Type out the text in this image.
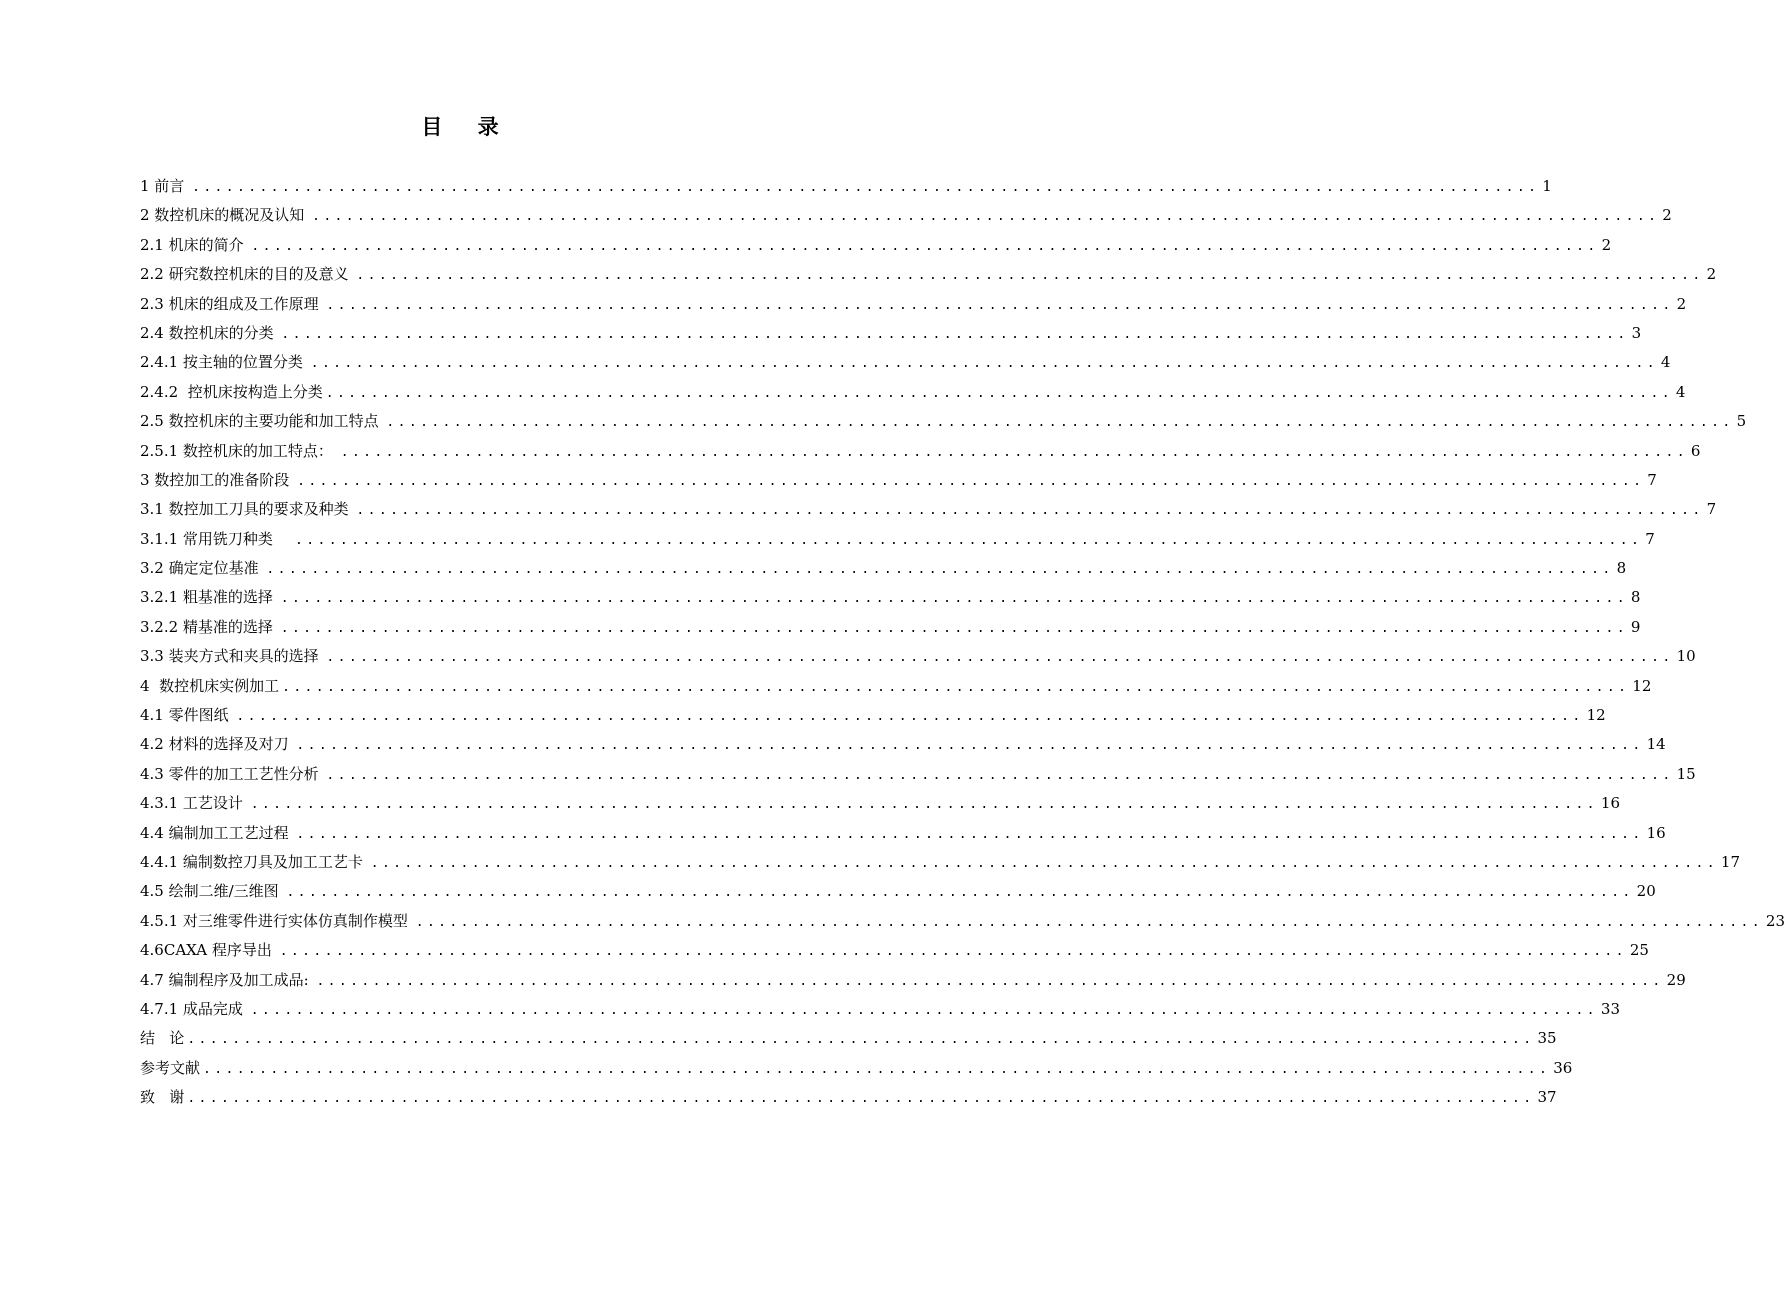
目 录
1 前言 ........................................................................................................................ 1
2 数控机床的概况及认知 ........................................................................................................................ 2
2.1 机床的简介 ........................................................................................................................ 2
2.2 研究数控机床的目的及意义 ........................................................................................................................ 2
2.3 机床的组成及工作原理 ........................................................................................................................ 2
2.4 数控机床的分类 ........................................................................................................................ 3
2.4.1 按主轴的位置分类 ........................................................................................................................ 4
2.4.2  控机床按构造上分类 ........................................................................................................................ 4
2.5 数控机床的主要功能和加工特点 ........................................................................................................................ 5
2.5.1 数控机床的加工特点： ........................................................................................................................ 6
3 数控加工的准备阶段 ........................................................................................................................ 7
3.1 数控加工刀具的要求及种类 ........................................................................................................................ 7
3.1.1 常用铣刀种类 ........................................................................................................................ 7
3.2 确定定位基准 ........................................................................................................................ 8
3.2.1 粗基准的选择 ........................................................................................................................ 8
3.2.2 精基准的选择 ........................................................................................................................ 9
3.3 装夹方式和夹具的选择 ........................................................................................................................ 10
4  数控机床实例加工 ........................................................................................................................ 12
4.1 零件图纸 ........................................................................................................................ 12
4.2 材料的选择及对刀 ........................................................................................................................ 14
4.3 零件的加工工艺性分析 ........................................................................................................................ 15
4.3.1 工艺设计 ........................................................................................................................ 16
4.4 编制加工工艺过程 ........................................................................................................................ 16
4.4.1 编制数控刀具及加工工艺卡 ........................................................................................................................ 17
4.5 绘制二维/三维图 ........................................................................................................................ 20
4.5.1 对三维零件进行实体仿真制作模型 ........................................................................................................................ 23
4.6CAXA 程序导出 ........................................................................................................................ 25
4.7 编制程序及加工成品: ........................................................................................................................ 29
4.7.1 成品完成 ........................................................................................................................ 33
结   论 ........................................................................................................................ 35
参考文献 ........................................................................................................................ 36
致   谢 ........................................................................................................................ 37
